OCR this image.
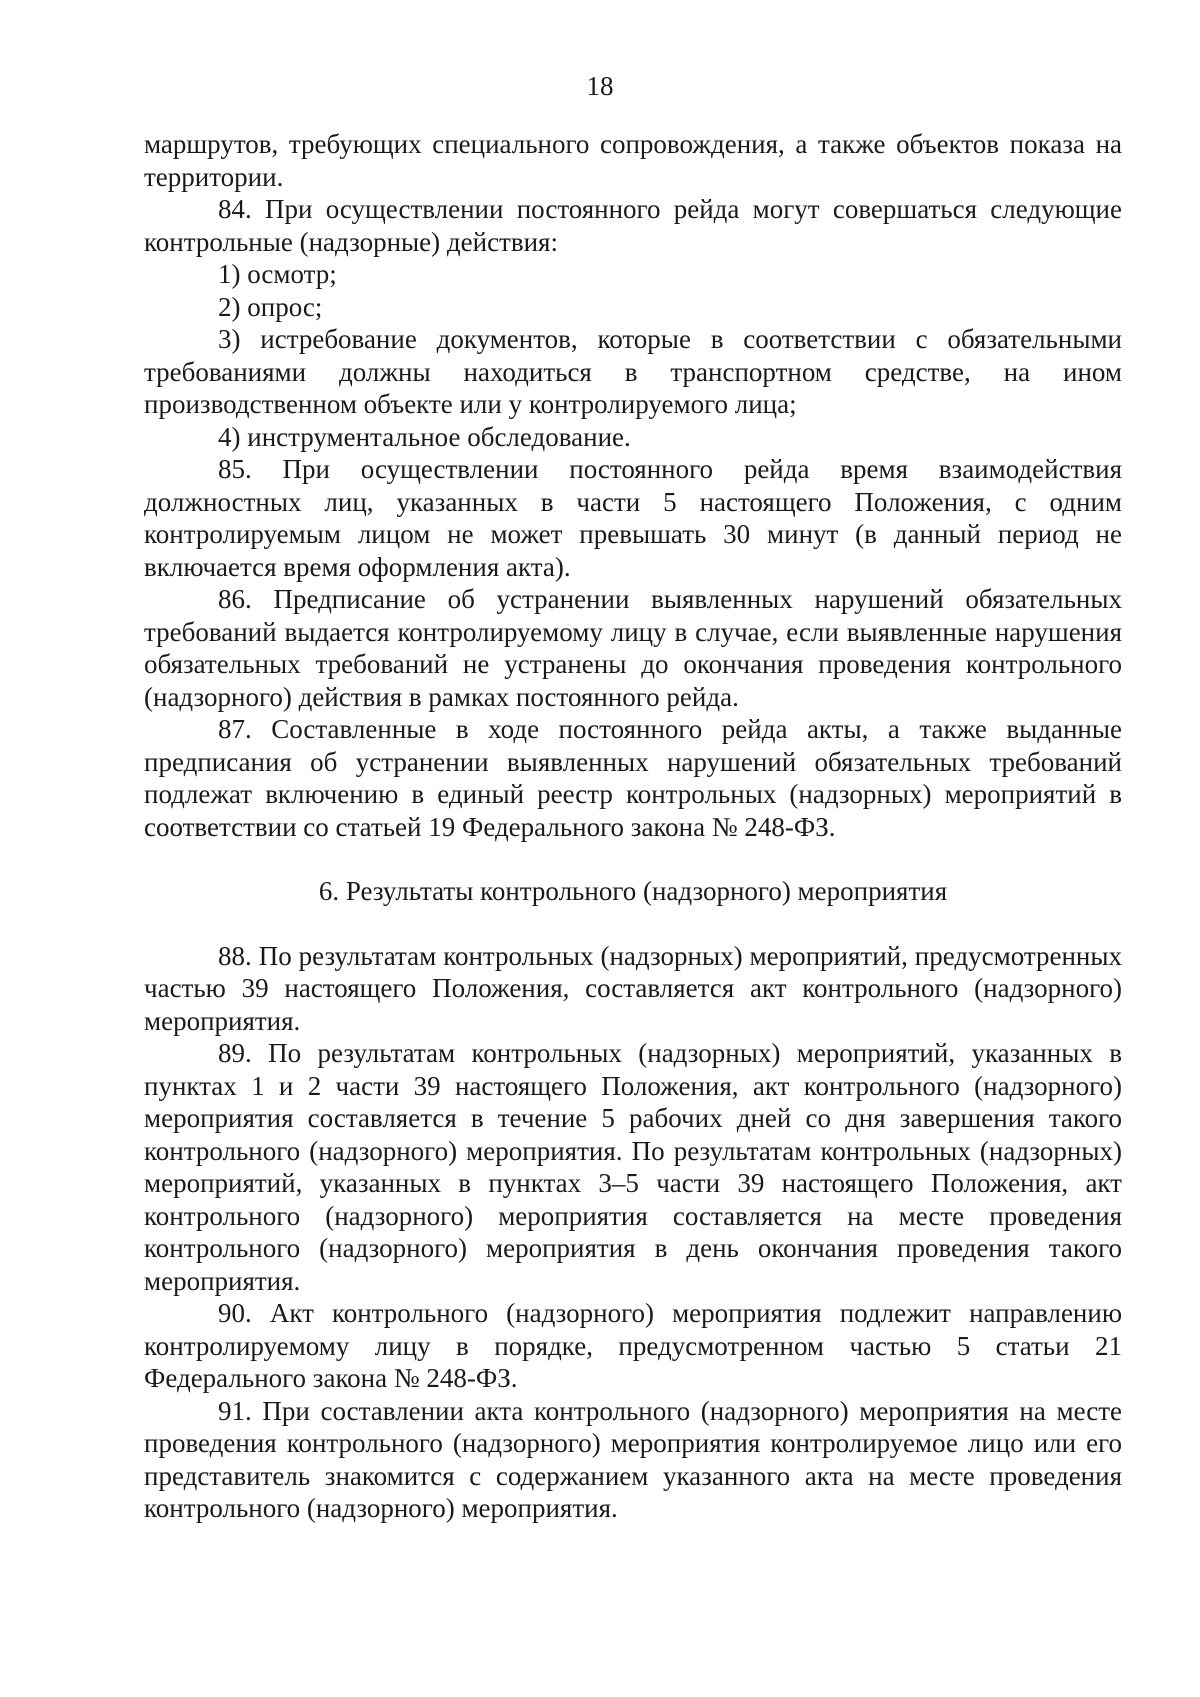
18

маршрутов, требующих специального сопровождения, а также объектов показа на территории.

84. При осуществлении постоянного рейда могут совершаться следующие контрольные (надзорные) действия:

1) осмотр;

2) опрос;

3) истребование документов, которые в соответствии с обязательными требованиями должны находиться в транспортном средстве, на ином производственном объекте или у контролируемого лица;

4) инструментальное обследование.

85. При осуществлении постоянного рейда время взаимодействия должностных лиц, указанных в части 5 настоящего Положения, с одним контролируемым лицом не может превышать 30 минут (в данный период не включается время оформления акта).

86. Предписание об устранении выявленных нарушений обязательных требований выдается контролируемому лицу в случае, если выявленные нарушения обязательных требований не устранены до окончания проведения контрольного (надзорного) действия в рамках постоянного рейда.

87. Составленные в ходе постоянного рейда акты, а также выданные предписания об устранении выявленных нарушений обязательных требований подлежат включению в единый реестр контрольных (надзорных) мероприятий в соответствии со статьей 19 Федерального закона № 248-ФЗ.

6. Результаты контрольного (надзорного) мероприятия

88. По результатам контрольных (надзорных) мероприятий, предусмотренных частью 39 настоящего Положения, составляется акт контрольного (надзорного) мероприятия.

89. По результатам контрольных (надзорных) мероприятий, указанных в пунктах 1 и 2 части 39 настоящего Положения, акт контрольного (надзорного) мероприятия составляется в течение 5 рабочих дней со дня завершения такого контрольного (надзорного) мероприятия. По результатам контрольных (надзорных) мероприятий, указанных в пунктах 3–5 части 39 настоящего Положения, акт контрольного (надзорного) мероприятия составляется на месте проведения контрольного (надзорного) мероприятия в день окончания проведения такого мероприятия.

90. Акт контрольного (надзорного) мероприятия подлежит направлению контролируемому лицу в порядке, предусмотренном частью 5 статьи 21 Федерального закона № 248-ФЗ.

91. При составлении акта контрольного (надзорного) мероприятия на месте проведения контрольного (надзорного) мероприятия контролируемое лицо или его представитель знакомится с содержанием указанного акта на месте проведения контрольного (надзорного) мероприятия.
